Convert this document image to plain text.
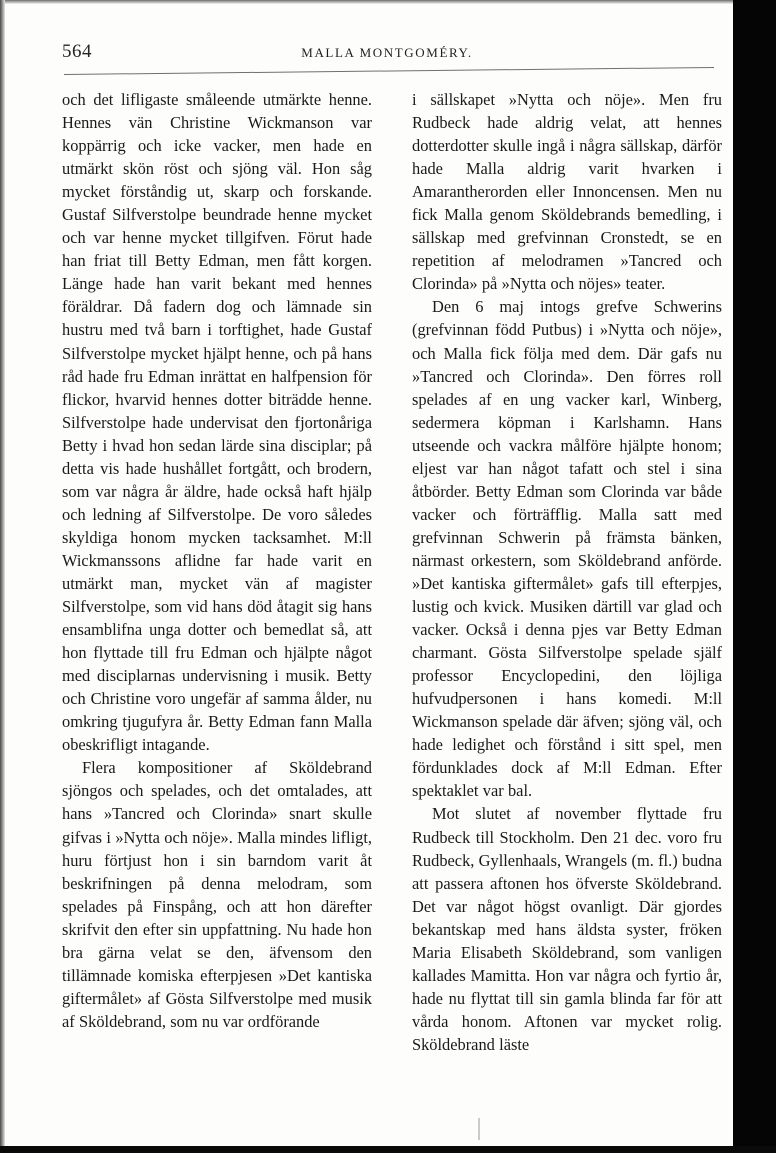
564	MALLA MONTGOMÉRY.

och det lifligaste småleende utmärkte henne. Hennes vän Christine Wickmanson var koppärrig och icke vacker, men hade en utmärkt skön röst och sjöng väl. Hon såg mycket förståndig ut, skarp och forskande. Gustaf Silfverstolpe beundrade henne mycket och var henne mycket tillgifven. Förut hade han friat till Betty Edman, men fått korgen. Länge hade han varit bekant med hennes föräldrar. Då fadern dog och lämnade sin hustru med två barn i torftighet, hade Gustaf Silfverstolpe mycket hjälpt henne, och på hans råd hade fru Edman inrättat en halfpension för flickor, hvarvid hennes dotter biträdde henne. Silfverstolpe hade undervisat den fjortonåriga Betty i hvad hon sedan lärde sina disciplar; på detta vis hade hushållet fortgått, och brodern, som var några år äldre, hade också haft hjälp och ledning af Silfverstolpe. De voro således skyldiga honom mycken tacksamhet. M:ll Wickmanssons aflidne far hade varit en utmärkt man, mycket vän af magister Silfverstolpe, som vid hans död åtagit sig hans ensamblifna unga dotter och bemedlat så, att hon flyttade till fru Edman och hjälpte något med disciplarnas undervisning i musik. Betty och Christine voro ungefär af samma ålder, nu omkring tjugufyra år. Betty Edman fann Malla obeskrifligt intagande.

Flera kompositioner af Sköldebrand sjöngos och spelades, och det omtalades, att hans »Tancred och Clorinda» snart skulle gifvas i »Nytta och nöje». Malla mindes lifligt, huru förtjust hon i sin barndom varit åt beskrifningen på denna melodram, som spelades på Finspång, och att hon därefter skrifvit den efter sin uppfattning. Nu hade hon bra gärna velat se den, äfvensom den tillämnade komiska efterpjesen »Det kantiska giftermålet» af Gösta Silfverstolpe med musik af Sköldebrand, som nu var ordförande

i sällskapet »Nytta och nöje». Men fru Rudbeck hade aldrig velat, att hennes dotterdotter skulle ingå i några sällskap, därför hade Malla aldrig varit hvarken i Amarantherorden eller Innoncensen. Men nu fick Malla genom Sköldebrands bemedling, i sällskap med grefvinnan Cronstedt, se en repetition af melodramen »Tancred och Clorinda» på »Nytta och nöjes» teater.

Den 6 maj intogs grefve Schwerins (grefvinnan född Putbus) i »Nytta och nöje», och Malla fick följa med dem. Där gafs nu »Tancred och Clorinda». Den förres roll spelades af en ung vacker karl, Winberg, sedermera köpman i Karlshamn. Hans utseende och vackra målföre hjälpte honom; eljest var han något tafatt och stel i sina åtbörder. Betty Edman som Clorinda var både vacker och förträfflig. Malla satt med grefvinnan Schwerin på främsta bänken, närmast orkestern, som Sköldebrand anförde. »Det kantiska giftermålet» gafs till efterpjes, lustig och kvick. Musiken därtill var glad och vacker. Också i denna pjes var Betty Edman charmant. Gösta Silfverstolpe spelade själf professor Encyclopedini, den löjliga hufvudpersonen i hans komedi. M:ll Wickmanson spelade där äfven; sjöng väl, och hade ledighet och förstånd i sitt spel, men fördunklades dock af M:ll Edman. Efter spektaklet var bal.

Mot slutet af november flyttade fru Rudbeck till Stockholm. Den 21 dec. voro fru Rudbeck, Gyllenhaals, Wrangels (m. fl.) budna att passera aftonen hos öfverste Sköldebrand. Det var något högst ovanligt. Där gjordes bekantskap med hans äldsta syster, fröken Maria Elisabeth Sköldebrand, som vanligen kallades Mamitta. Hon var några och fyrtio år, hade nu flyttat till sin gamla blinda far för att vårda honom. Aftonen var mycket rolig. Sköldebrand läste
